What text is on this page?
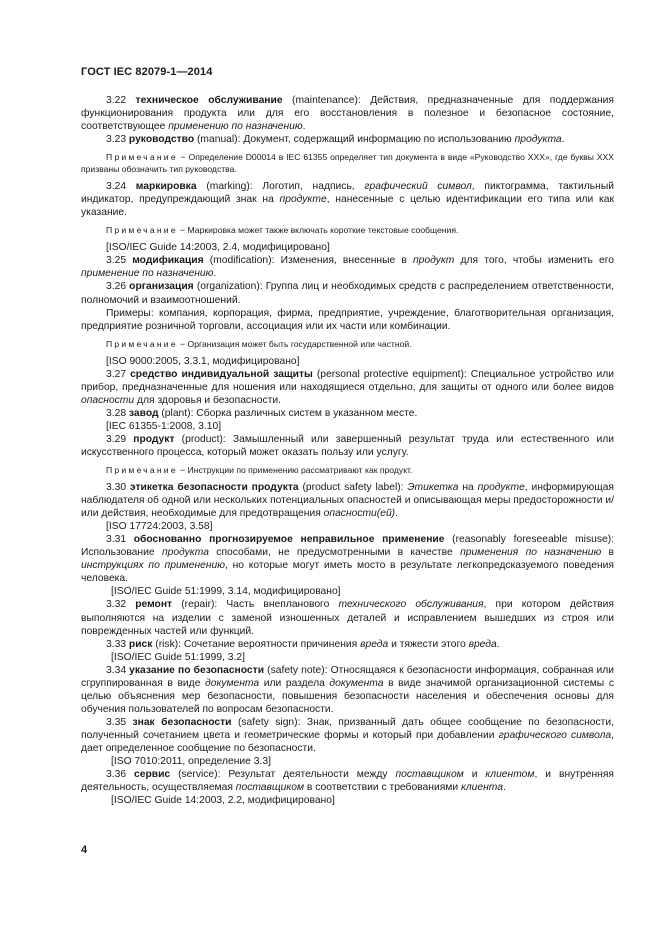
ГОСТ IEC 82079-1—2014

3.22 техническое обслуживание (maintenance): Действия, предназначенные для поддержания функционирования продукта или для его восстановления в полезное и безопасное состояние, соответствующее применению по назначению.

3.23 руководство (manual): Документ, содержащий информацию по использованию продукта.

Примечание − Определение D00014 в IEC 61355 определяет тип документа в виде «Руководство XXX», где буквы XXX призваны обозначить тип руководства.

3.24 маркировка (marking): Логотип, надпись, графический символ, пиктограмма, тактильный индикатор, предупреждающий знак на продукте, нанесенные с целью идентификации его типа или как указание.

Примечание − Маркировка может также включать короткие текстовые сообщения.

[ISO/IEC Guide 14:2003, 2.4, модифицировано]

3.25 модификация (modification): Изменения, внесенные в продукт для того, чтобы изменить его применение по назначению.

3.26 организация (organization): Группа лиц и необходимых средств с распределением ответственности, полномочий и взаимоотношений.

Примеры: компания, корпорация, фирма, предприятие, учреждение, благотворительная организация, предприятие розничной торговли, ассоциация или их части или комбинации.

Примечание − Организация может быть государственной или частной.

[ISO 9000:2005, 3.3.1, модифицировано]

3.27 средство индивидуальной защиты (personal protective equipment): Специальное устройство или прибор, предназначенные для ношения или находящиеся отдельно, для защиты от одного или более видов опасности для здоровья и безопасности.

3.28 завод (plant): Сборка различных систем в указанном месте.

[IEC 61355-1:2008, 3.10]

3.29 продукт (product): Замышленный или завершенный результат труда или естественного или искусственного процесса, который может оказать пользу или услугу.

Примечание − Инструкции по применению рассматривают как продукт.

3.30 этикетка безопасности продукта (product safety label): Этикетка на продукте, информирующая наблюдателя об одной или нескольких потенциальных опасностей и описывающая меры предосторожности и/или действия, необходимые для предотвращения опасности(ей).

[ISO 17724:2003, 3.58]

3.31 обоснованно прогнозируемое неправильное применение (reasonably foreseeable misuse): Использование продукта способами, не предусмотренными в качестве применения по назначению в инструкциях по применению, но которые могут иметь мосто в результате легкопредсказуемого поведения человека.

[ISO/IEC Guide 51:1999, 3.14, модифицировано]

3.32 ремонт (repair): Часть внепланового технического обслуживания, при котором действия выполняются на изделии с заменой изношенных деталей и исправлением вышедших из строя или поврежденных частей или функций.

3.33 риск (risk): Сочетание вероятности причинения вреда и тяжести этого вреда.

[ISO/IEC Guide 51:1999, 3.2]

3.34 указание по безопасности (safety note): Относящаяся к безопасности информация, собранная или сгруппированная в виде документа или раздела документа в виде значимой организационной системы с целью объяснения мер безопасности, повышения безопасности населения и обеспечения основы для обучения пользователей по вопросам безопасности.

3.35 знак безопасности (safety sign): Знак, призванный дать общее сообщение по безопасности, полученный сочетанием цвета и геометрические формы и который при добавлении графического символа, дает определенное сообщение по безопасности.

[ISO 7010:2011, определение 3.3]

3.36 сервис (service): Результат деятельности между поставщиком и клиентом, и внутренняя деятельность, осуществляемая поставщиком в соответствии с требованиями клиента.

[ISO/IEC Guide 14:2003, 2.2, модифицировано]

4
